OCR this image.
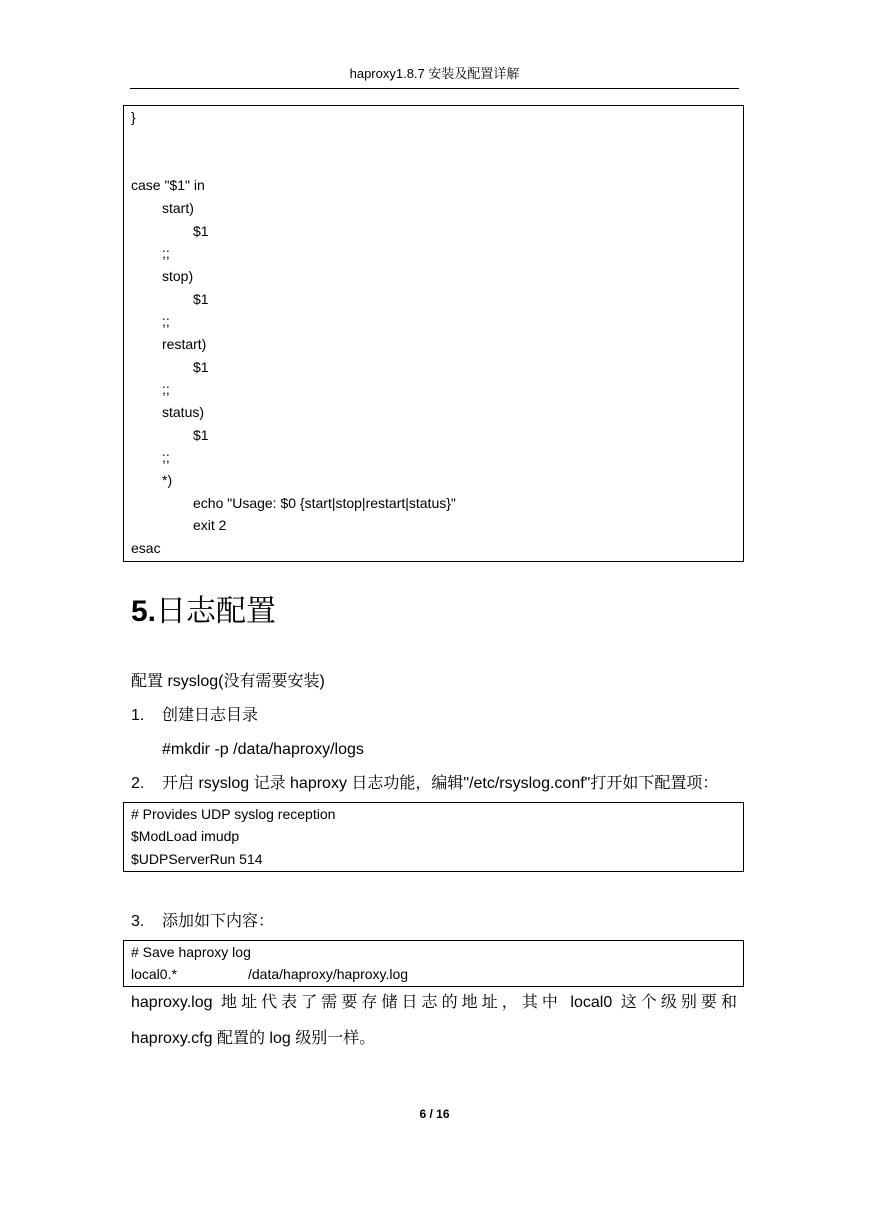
haproxy1.8.7 安装及配置详解
}
case "$1" in
start)
$1
;;
stop)
$1
;;
restart)
$1
;;
status)
$1
;;
*)
echo "Usage: $0 {start|stop|restart|status}"
exit 2
esac
5.日志配置
配置 rsyslog(没有需要安装)
1. 创建日志目录
#mkdir -p /data/haproxy/logs
2. 开启 rsyslog 记录 haproxy 日志功能，编辑"/etc/rsyslog.conf"打开如下配置项：
# Provides UDP syslog reception
$ModLoad imudp
$UDPServerRun 514
3. 添加如下内容：
# Save haproxy log
local0.*	/data/haproxy/haproxy.log
haproxy.log 地址代表了需要存储日志的地址，其中 local0 这个级别要和
haproxy.cfg 配置的 log 级别一样。
6 / 16
